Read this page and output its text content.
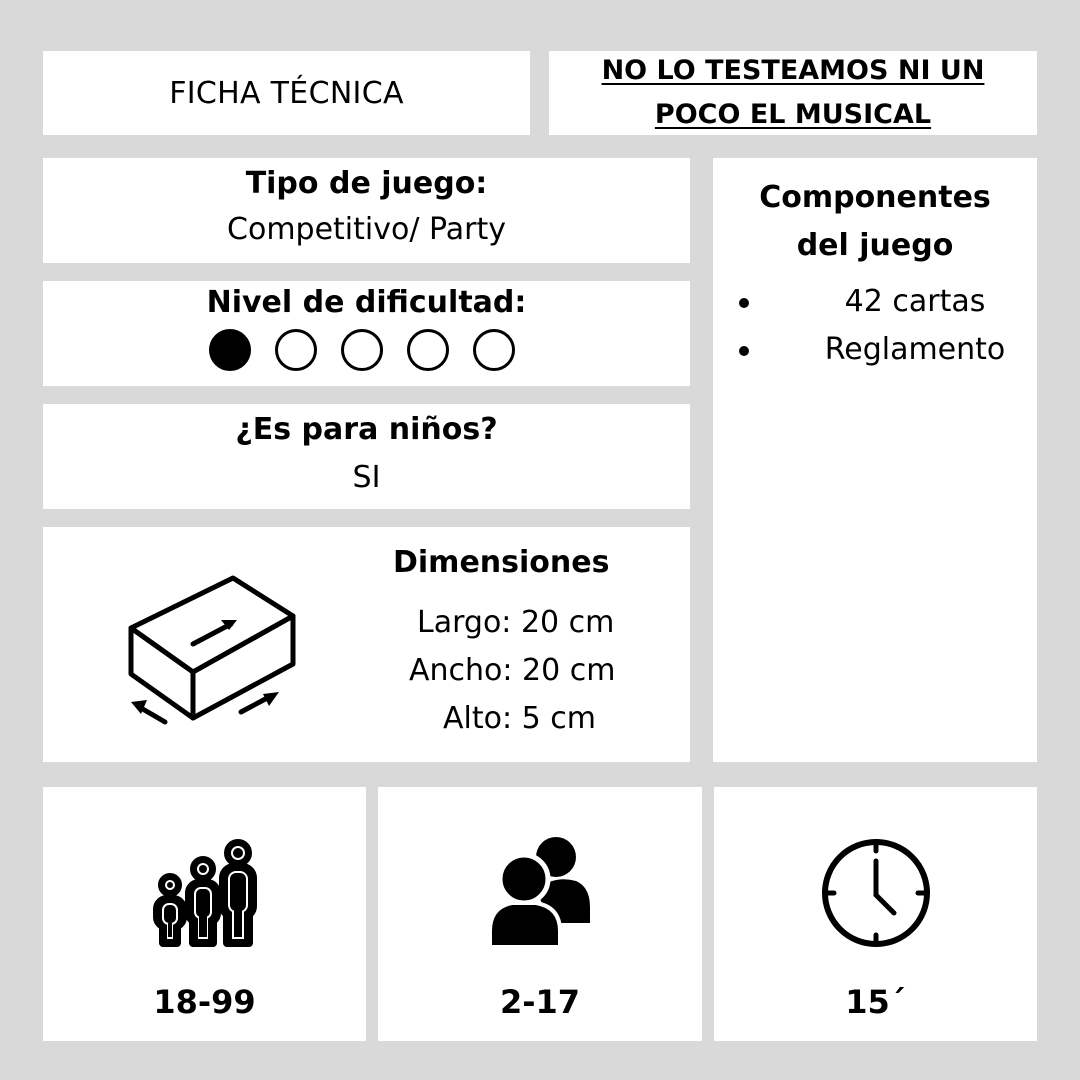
FICHA TÉCNICA
NO LO TESTEAMOS NI UN POCO EL MUSICAL
Tipo de juego:
Competitivo/ Party
Nivel de dificultad:
¿Es para niños?
SI
Dimensiones
Largo: 20 cm
Ancho: 20 cm
Alto: 5 cm
Componentes del juego
42 cartas
Reglamento
18-99	2-17	15´
